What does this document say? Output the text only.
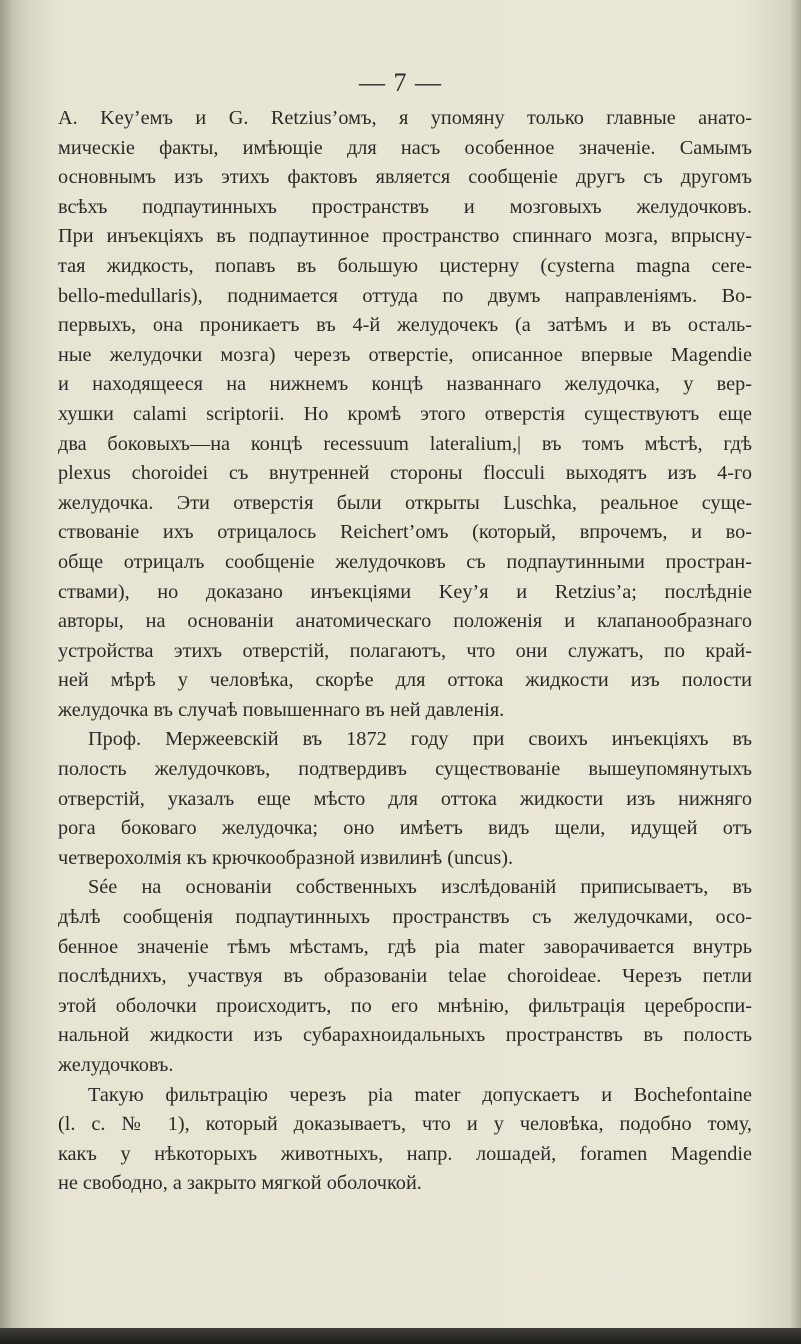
— 7 —
А. Key’емъ и G. Retzius’омъ, я упомяну только главные анато-
мическіе факты, имѣющіе для насъ особенное значеніе. Самымъ
основнымъ изъ этихъ фактовъ является сообщеніе другъ съ другомъ
всѣхъ подпаутинныхъ пространствъ и мозговыхъ желудочковъ.
При инъекціяхъ въ подпаутинное пространство спиннаго мозга, впрысну-
тая жидкость, попавъ въ большую цистерну (cysterna magna cere-
bello-medullaris), поднимается оттуда по двумъ направленіямъ. Во-
первыхъ, она проникаетъ въ 4-й желудочекъ (а затѣмъ и въ осталь-
ные желудочки мозга) черезъ отверстіе, описанное впервые Magendie
и находящееся на нижнемъ концѣ названнаго желудочка, у вер-
хушки calami scriptorii. Но кромѣ этого отверстія существуютъ еще
два боковыхъ—на концѣ recessuum lateralium,| въ томъ мѣстѣ, гдѣ
plexus choroidei съ внутренней стороны flocculi выходятъ изъ 4-го
желудочка. Эти отверстія были открыты Luschka, реальное суще-
ствованіе ихъ отрицалось Reichert’омъ (который, впрочемъ, и во-
обще отрицалъ сообщеніе желудочковъ съ подпаутинными простран-
ствами), но доказано инъекціями Key’я и Retzius’а; послѣдніе
авторы, на основаніи анатомическаго положенія и клапанообразнаго
устройства этихъ отверстій, полагаютъ, что они служатъ, по край-
ней мѣрѣ у человѣка, скорѣе для оттока жидкости изъ полости
желудочка въ случаѣ повышеннаго въ ней давленія.
Проф. Мержеевскій въ 1872 году при своихъ инъекціяхъ въ
полость желудочковъ, подтвердивъ существованіе вышеупомянутыхъ
отверстій, указалъ еще мѣсто для оттока жидкости изъ нижняго
рога боковаго желудочка; оно имѣетъ видъ щели, идущей отъ
четверохолмія къ крючкообразной извилинѣ (uncus).
Sée на основаніи собственныхъ изслѣдованій приписываетъ, въ
дѣлѣ сообщенія подпаутинныхъ пространствъ съ желудочками, осо-
бенное значеніе тѣмъ мѣстамъ, гдѣ pia mater заворачивается внутрь
послѣднихъ, участвуя въ образованіи telae choroideae. Черезъ петли
этой оболочки происходитъ, по его мнѣнію, фильтрація цереброспи-
нальной жидкости изъ субарахноидальныхъ пространствъ въ полость
желудочковъ.
Такую фильтрацію черезъ pia mater допускаетъ и Bochefontaine
(l. c. № 1), который доказываетъ, что и у человѣка, подобно тому,
какъ у нѣкоторыхъ животныхъ, напр. лошадей, foramen Magendie
не свободно, а закрыто мягкой оболочкой.
